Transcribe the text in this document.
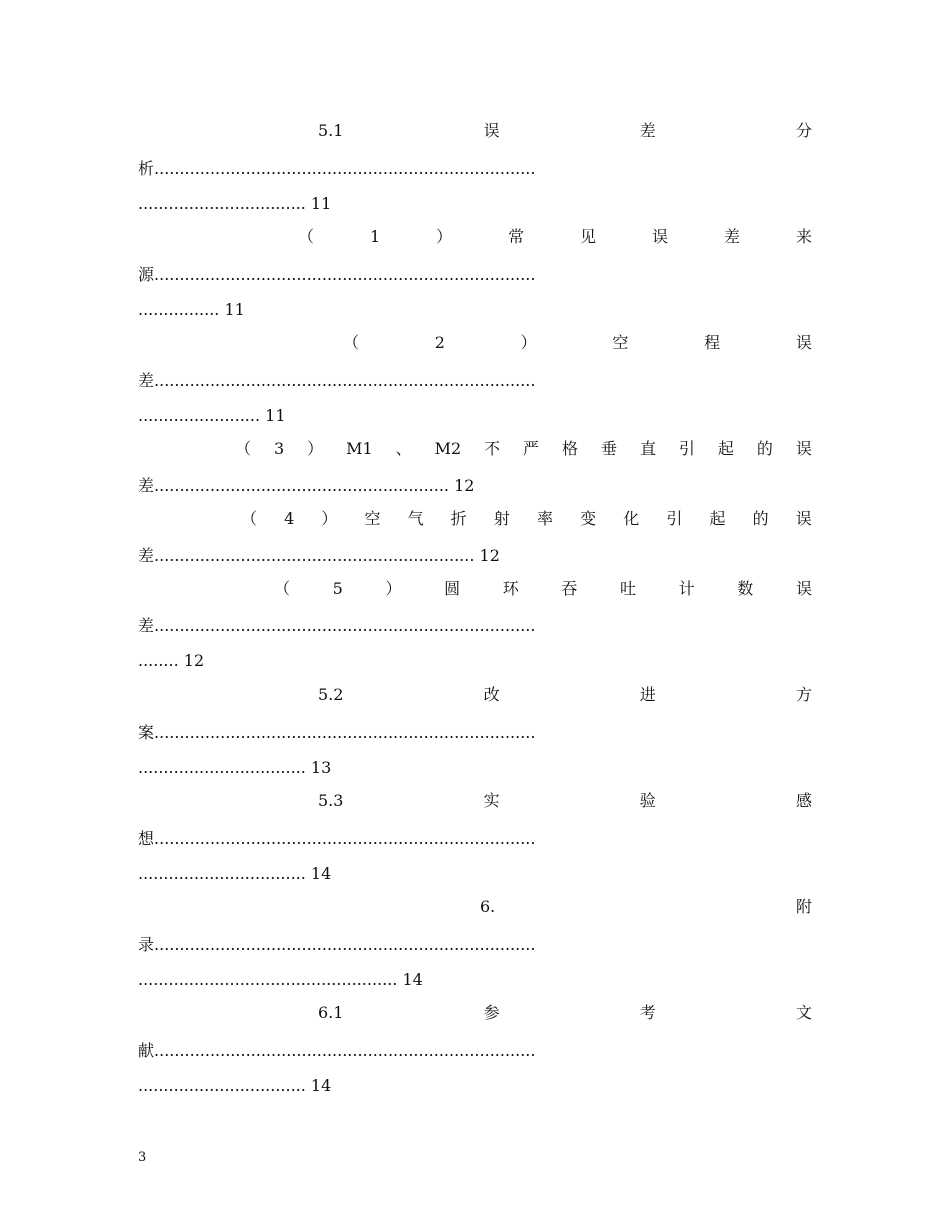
5.1	误	差	分
析...........................................................................
................................. 11
（	1	）	常	见	误	差	来
源...........................................................................
................ 11
（	2	）	空	程	误
差...........................................................................
........................ 11
（ 3 ） M1 、 M2 不 严 格 垂 直 引 起 的 误
差.......................................................... 12
（ 4 ） 空 气 折 射 率 变 化 引 起 的 误
差............................................................... 12
（	5	）	圆	环	吞	吐	计	数	误
差...........................................................................
........ 12
5.2	改	进	方
案...........................................................................
................................. 13
5.3	实	验	感
想...........................................................................
................................. 14
6.	附
录...........................................................................
................................................... 14
6.1	参	考	文
献...........................................................................
................................. 14
3
